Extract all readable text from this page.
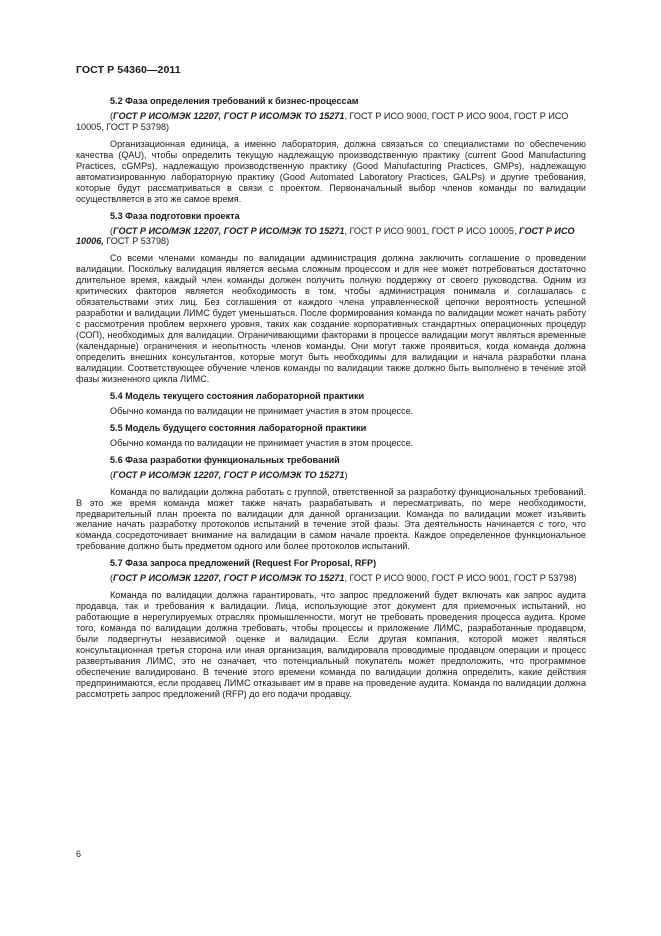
ГОСТ Р 54360—2011
5.2 Фаза определения требований к бизнес-процессам
(ГОСТ Р ИСО/МЭК 12207, ГОСТ Р ИСО/МЭК ТО 15271, ГОСТ Р ИСО 9000, ГОСТ Р ИСО 9004, ГОСТ Р ИСО 10005, ГОСТ Р 53798)

Организационная единица, а именно лаборатория, должна связаться со специалистами по обеспечению качества (QAU), чтобы определить текущую надлежащую производственную практику (current Good Manufacturing Practices, cGMPs), надлежащую производственную практику (Good Manufacturing Practices, GMPs), надлежащую автоматизированную лабораторную практику (Good Automated Laboratory Practices, GALPs) и другие требования, которые будут рассматриваться в связи с проектом. Первоначальный выбор членов команды по валидации осуществляется в это же самое время.

5.3 Фаза подготовки проекта
(ГОСТ Р ИСО/МЭК 12207, ГОСТ Р ИСО/МЭК ТО 15271, ГОСТ Р ИСО 9001, ГОСТ Р ИСО 10005, ГОСТ Р ИСО 10006, ГОСТ Р 53798)

Со всеми членами команды по валидации администрация должна заключить соглашение о проведении валидации. Поскольку валидация является весьма сложным процессом и для нее может потребоваться достаточно длительное время, каждый член команды должен получить полную поддержку от своего руководства. Одним из критических факторов является необходимость в том, чтобы администрация понимала и соглашалась с обязательствами этих лиц. Без соглашения от каждого члена управленческой цепочки вероятность успешной разработки и валидации ЛИМС будет уменьшаться. После формирования команда по валидации может начать работу с рассмотрения проблем верхнего уровня, таких как создание корпоративных стандартных операционных процедур (СОП), необходимых для валидации. Ограничивающими факторами в процессе валидации могут являться временные (календарные) ограничения и неопытность членов команды. Они могут также проявиться, когда команда должна определить внешних консультантов, которые могут быть необходимы для валидации и начала разработки плана валидации. Соответствующее обучение членов команды по валидации также должно быть выполнено в течение этой фазы жизненного цикла ЛИМС.

5.4 Модель текущего состояния лабораторной практики

Обычно команда по валидации не принимает участия в этом процессе.

5.5 Модель будущего состояния лабораторной практики

Обычно команда по валидации не принимает участия в этом процессе.

5.6 Фаза разработки функциональных требований
(ГОСТ Р ИСО/МЭК 12207, ГОСТ Р ИСО/МЭК ТО 15271)

Команда по валидации должна работать с группой, ответственной за разработку функциональных требований. В это же время команда может также начать разрабатывать и пересматривать, по мере необходимости, предварительный план проекта по валидации для данной организации. Команда по валидации может изъявить желание начать разработку протоколов испытаний в течение этой фазы. Эта деятельность начинается с того, что команда сосредоточивает внимание на валидации в самом начале проекта. Каждое определенное функциональное требование должно быть предметом одного или более протоколов испытаний.

5.7 Фаза запроса предложений (Request For Proposal, RFP)
(ГОСТ Р ИСО/МЭК 12207, ГОСТ Р ИСО/МЭК ТО 15271, ГОСТ Р ИСО 9000, ГОСТ Р ИСО 9001, ГОСТ Р 53798)

Команда по валидации должна гарантировать, что запрос предложений будет включать как запрос аудита продавца, так и требования к валидации. Лица, использующие этот документ для приемочных испытаний, но работающие в нерегулируемых отраслях промышленности, могут не требовать проведения процесса аудита. Кроме того, команда по валидации должна требовать, чтобы процессы и приложение ЛИМС, разработанные продавцом, были подвергнуты независимой оценке и валидации. Если другая компания, которой может являться консультационная третья сторона или иная организация, валидировала проводимые продавцом операции и процесс развертывания ЛИМС, это не означает, что потенциальный покупатель может предположить, что программное обеспечение валидировано. В течение этого времени команда по валидации должна определить, какие действия предпринимаются, если продавец ЛИМС отказывает им в праве на проведение аудита. Команда по валидации должна рассмотреть запрос предложений (RFP) до его подачи продавцу.

6
